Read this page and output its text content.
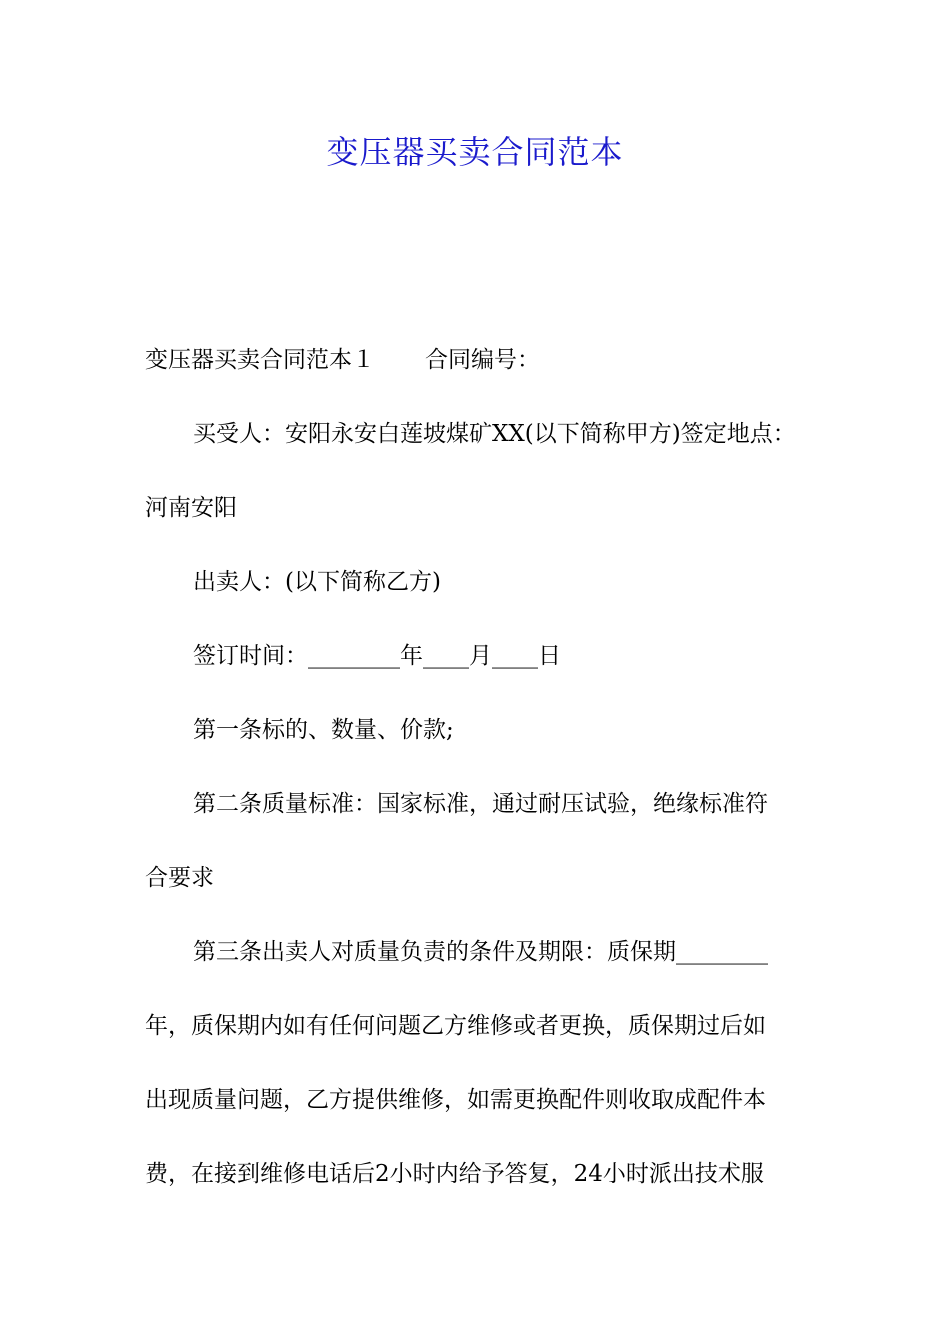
变压器买卖合同范本
变压器买卖合同范本１ 合同编号：
买受人：安阳永安白莲坡煤矿XX(以下简称甲方)签定地点：
河南安阳
出卖人：(以下简称乙方)
签订时间：________年____月____日
第一条标的、数量、价款;
第二条质量标准：国家标准，通过耐压试验，绝缘标准符
合要求
第三条出卖人对质量负责的条件及期限：质保期________
年，质保期内如有任何问题乙方维修或者更换，质保期过后如
出现质量问题，乙方提供维修，如需更换配件则收取成配件本
费，在接到维修电话后2小时内给予答复，24小时派出技术服
